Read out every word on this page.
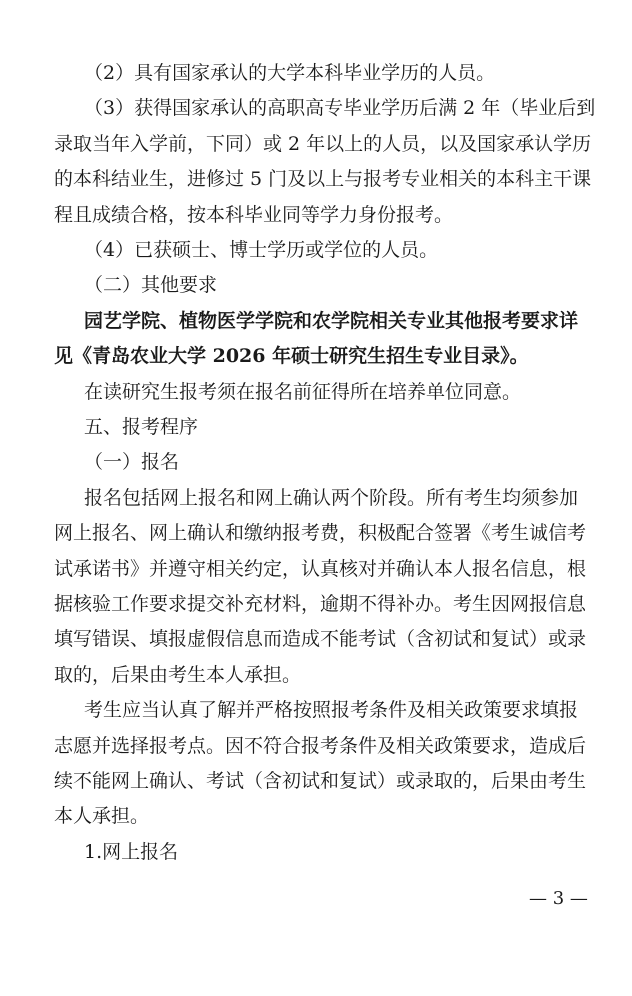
（2）具有国家承认的大学本科毕业学历的人员。
（3）获得国家承认的高职高专毕业学历后满 2 年（毕业后到
录取当年入学前，下同）或 2 年以上的人员，以及国家承认学历
的本科结业生，进修过 5 门及以上与报考专业相关的本科主干课
程且成绩合格，按本科毕业同等学力身份报考。
（4）已获硕士、博士学历或学位的人员。
（二）其他要求
园艺学院、植物医学学院和农学院相关专业其他报考要求详
见《青岛农业大学 2026 年硕士研究生招生专业目录》。
在读研究生报考须在报名前征得所在培养单位同意。
五、报考程序
（一）报名
报名包括网上报名和网上确认两个阶段。所有考生均须参加
网上报名、网上确认和缴纳报考费，积极配合签署《考生诚信考
试承诺书》并遵守相关约定，认真核对并确认本人报名信息，根
据核验工作要求提交补充材料，逾期不得补办。考生因网报信息
填写错误、填报虚假信息而造成不能考试（含初试和复试）或录
取的，后果由考生本人承担。
考生应当认真了解并严格按照报考条件及相关政策要求填报
志愿并选择报考点。因不符合报考条件及相关政策要求，造成后
续不能网上确认、考试（含初试和复试）或录取的，后果由考生
本人承担。
1.网上报名
— 3 —
